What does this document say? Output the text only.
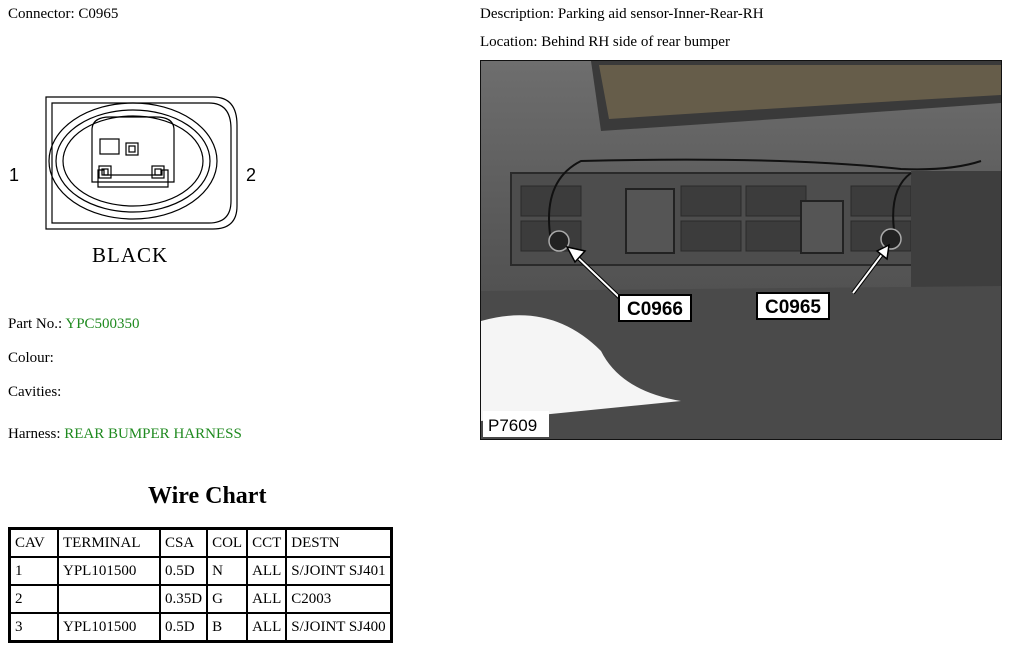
Connector: C0965	Description: Parking aid sensor-Inner-Rear-RH
Location: Behind RH side of rear bumper
1	2
BLACK
Part No.: YPC500350
Colour:
Cavities:
Harness: REAR BUMPER HARNESS
Wire Chart
CAV	TERMINAL	CSA	COL	CCT	DESTN
1	YPL101500	0.5D	N	ALL	S/JOINT SJ401
2		0.35D	G	ALL	C2003
3	YPL101500	0.5D	B	ALL	S/JOINT SJ400
C0966	C0965
P7609
